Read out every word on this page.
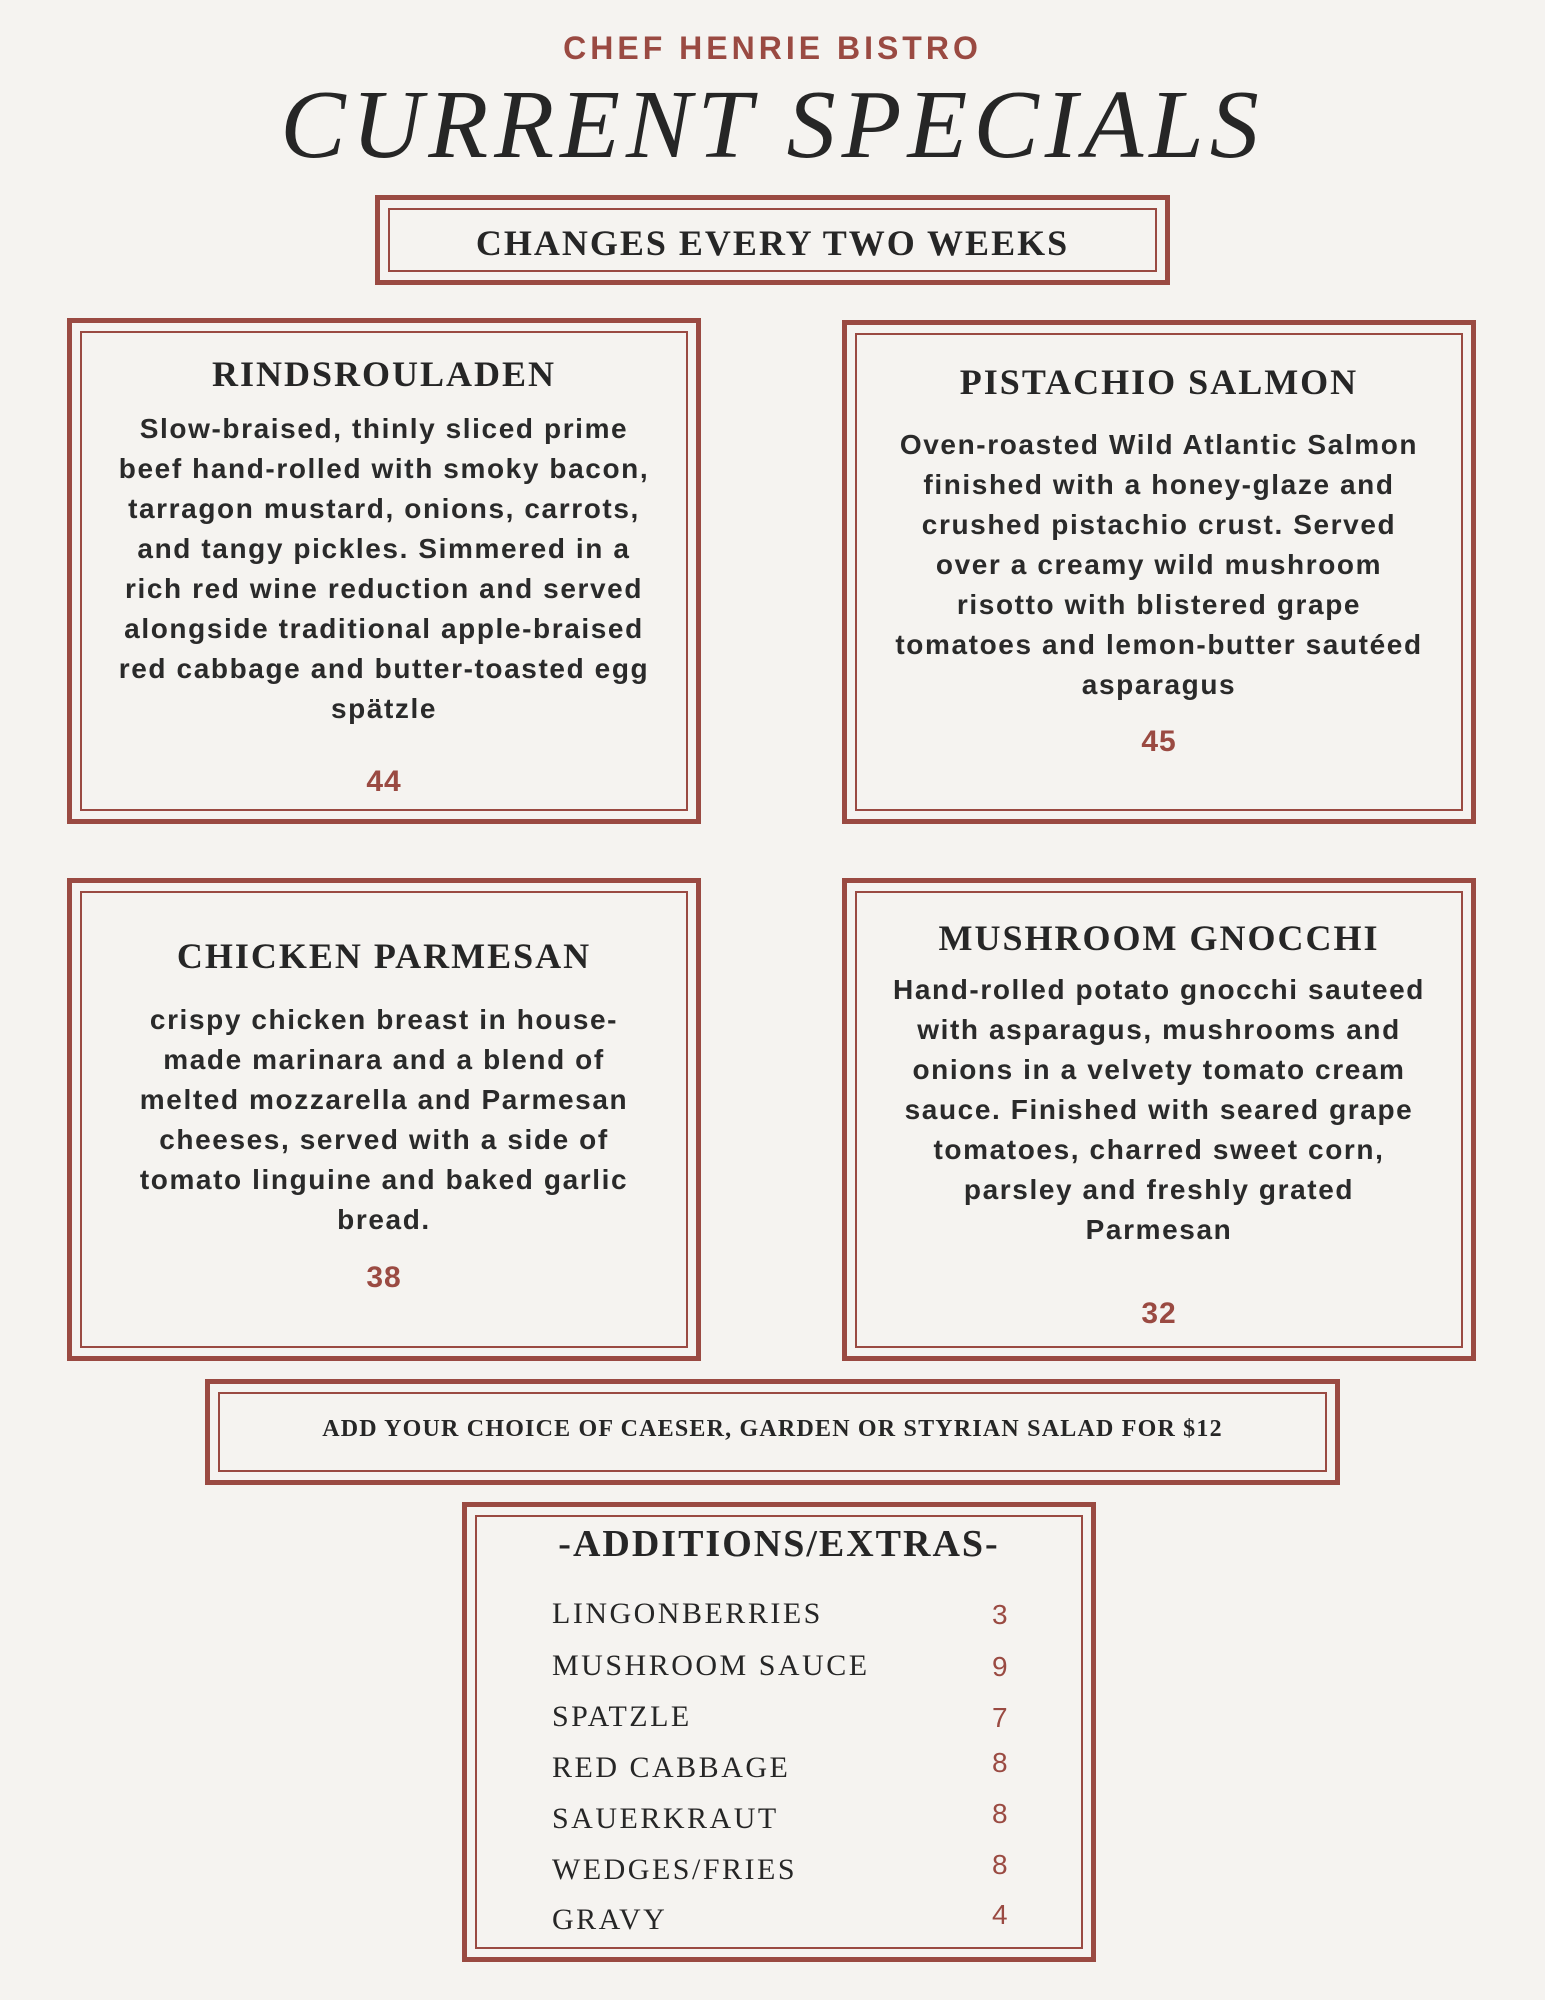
CHEF HENRIE BISTRO
CURRENT SPECIALS
CHANGES EVERY TWO WEEKS
RINDSROULADEN
Slow-braised, thinly sliced prime beef hand-rolled with smoky bacon, tarragon mustard, onions, carrots, and tangy pickles. Simmered in a rich red wine reduction and served alongside traditional apple-braised red cabbage and butter-toasted egg spätzle
44
PISTACHIO SALMON
Oven-roasted Wild Atlantic Salmon finished with a honey-glaze and crushed pistachio crust. Served over a creamy wild mushroom risotto with blistered grape tomatoes and lemon-butter sautéed asparagus
45
CHICKEN PARMESAN
crispy chicken breast in house-made marinara and a blend of melted mozzarella and Parmesan cheeses, served with a side of tomato linguine and baked garlic bread.
38
MUSHROOM GNOCCHI
Hand-rolled potato gnocchi sauteed with asparagus, mushrooms and onions in a velvety tomato cream sauce. Finished with seared grape tomatoes, charred sweet corn, parsley and freshly grated Parmesan
32
ADD YOUR CHOICE OF CAESER, GARDEN OR STYRIAN SALAD FOR $12
-ADDITIONS/EXTRAS-
LINGONBERRIES	3
MUSHROOM SAUCE	9
SPATZLE	7
RED CABBAGE	8
SAUERKRAUT	8
WEDGES/FRIES	8
GRAVY	4
